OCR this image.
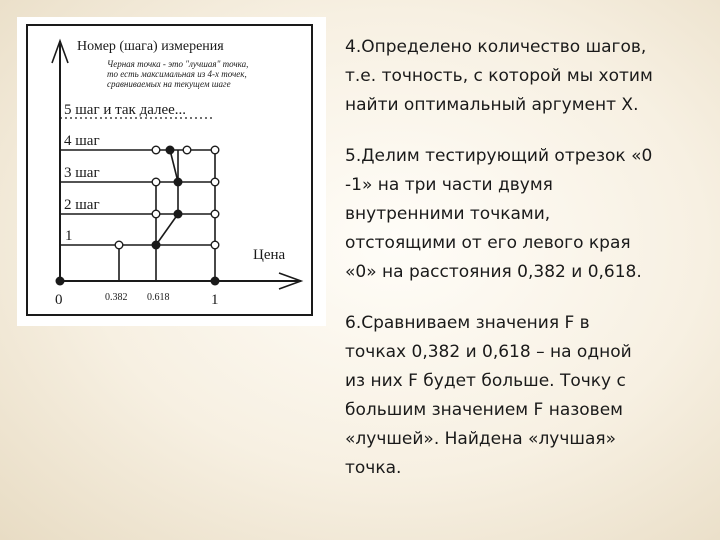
Номер (шага) измерения
Цена
Черная точка - это "лучшая" точка,
то есть максимальная из 4-х точек,
сравниваемых на текущем шаге
5 шаг и так далее...
4 шаг
3 шаг
2 шаг
1
0	0.382 0.618	1

4.Определено количество шагов,
т.е. точность, с которой мы хотим
найти оптимальный аргумент X.

5.Делим тестирующий отрезок «0
-1» на три части двумя
внутренними точками,
отстоящими от его левого края
«0» на расстояния 0,382 и 0,618.

6.Сравниваем значения F в
точках 0,382 и 0,618 – на одной
из них F будет больше. Точку с
большим значением F назовем
«лучшей». Найдена «лучшая»
точка.
